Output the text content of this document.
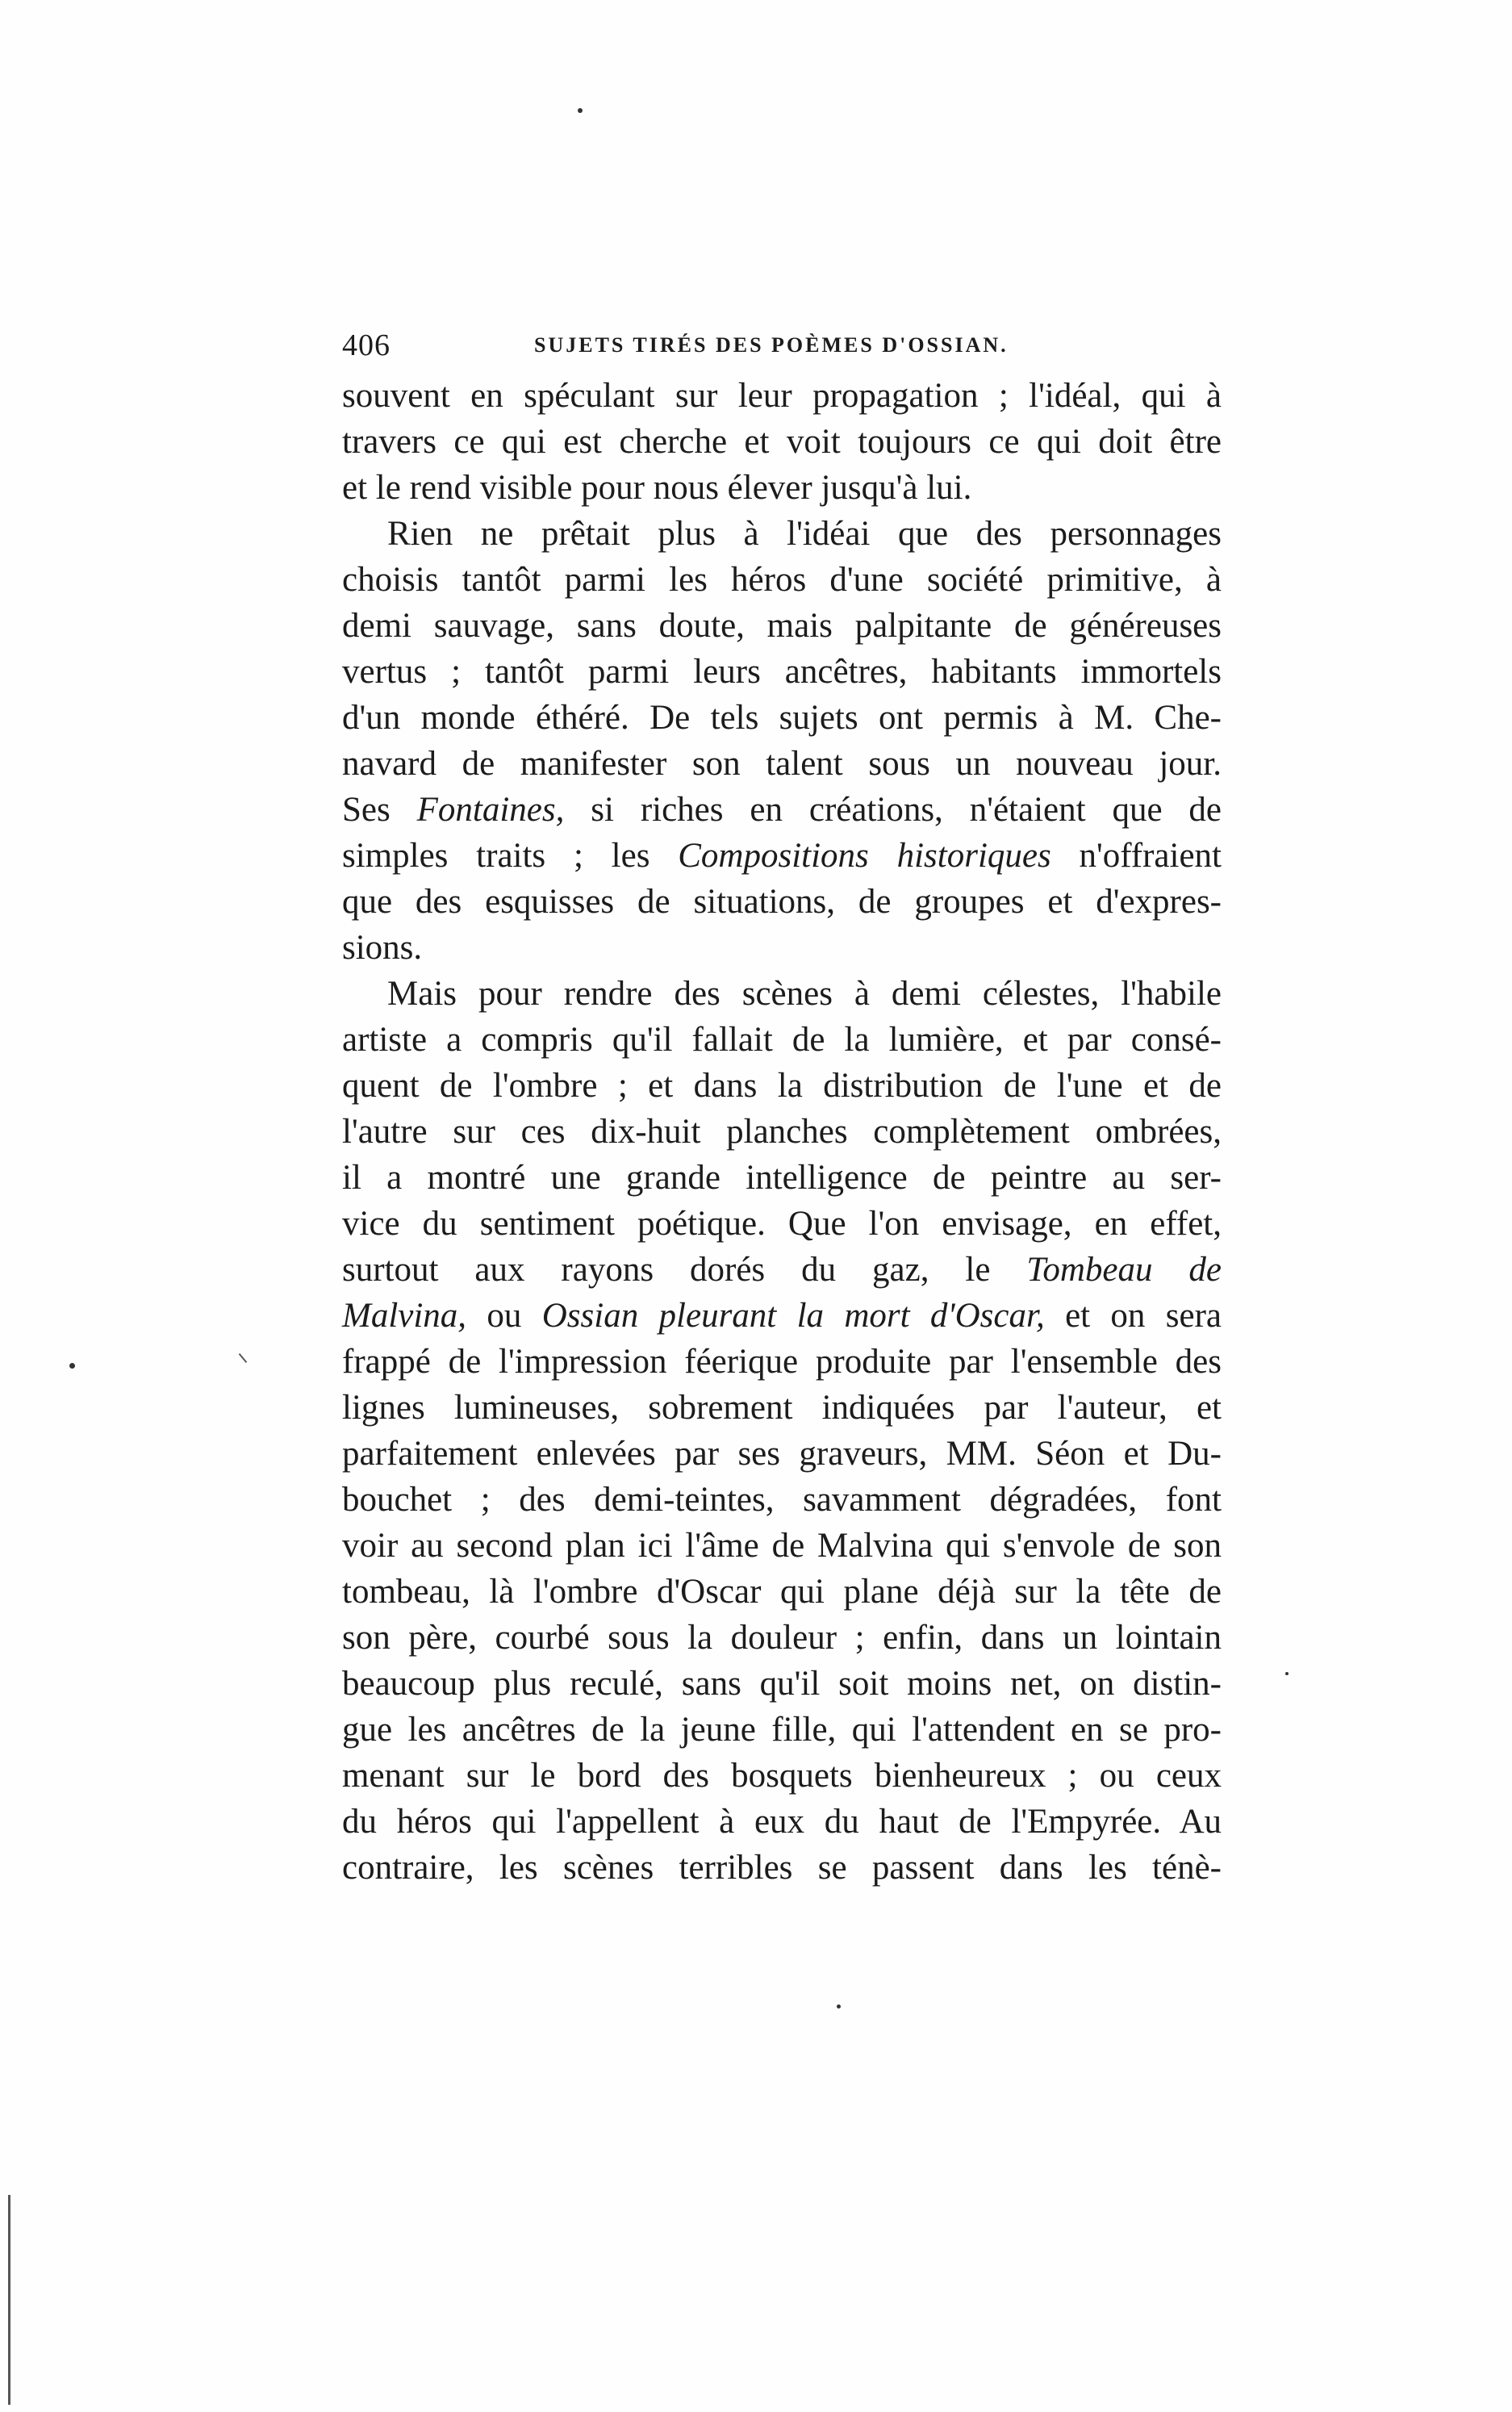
406	SUJETS TIRÉS DES POÈMES D'OSSIAN.
souvent en spéculant sur leur propagation ; l'idéal, qui à
travers ce qui est cherche et voit toujours ce qui doit être
et le rend visible pour nous élever jusqu'à lui.
Rien ne prêtait plus à l'idéai que des personnages
choisis tantôt parmi les héros d'une société primitive, à
demi sauvage, sans doute, mais palpitante de généreuses
vertus ; tantôt parmi leurs ancêtres, habitants immortels
d'un monde éthéré. De tels sujets ont permis à M. Che-
navard de manifester son talent sous un nouveau jour.
Ses Fontaines, si riches en créations, n'étaient que de
simples traits ; les Compositions historiques n'offraient
que des esquisses de situations, de groupes et d'expres-
sions.
Mais pour rendre des scènes à demi célestes, l'habile
artiste a compris qu'il fallait de la lumière, et par consé-
quent de l'ombre ; et dans la distribution de l'une et de
l'autre sur ces dix-huit planches complètement ombrées,
il a montré une grande intelligence de peintre au ser-
vice du sentiment poétique. Que l'on envisage, en effet,
surtout aux rayons dorés du gaz, le Tombeau de
Malvina, ou Ossian pleurant la mort d'Oscar, et on sera
frappé de l'impression féerique produite par l'ensemble des
lignes lumineuses, sobrement indiquées par l'auteur, et
parfaitement enlevées par ses graveurs, MM. Séon et Du-
bouchet ; des demi-teintes, savamment dégradées, font
voir au second plan ici l'âme de Malvina qui s'envole de son
tombeau, là l'ombre d'Oscar qui plane déjà sur la tête de
son père, courbé sous la douleur ; enfin, dans un lointain
beaucoup plus reculé, sans qu'il soit moins net, on distin-
gue les ancêtres de la jeune fille, qui l'attendent en se pro-
menant sur le bord des bosquets bienheureux ; ou ceux
du héros qui l'appellent à eux du haut de l'Empyrée. Au
contraire, les scènes terribles se passent dans les ténè-
